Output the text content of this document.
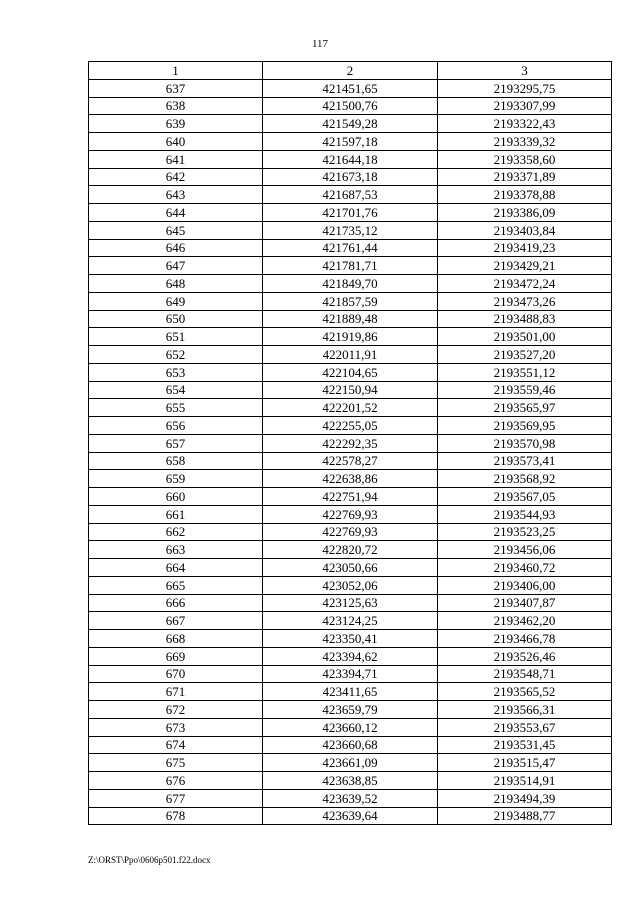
117
1	2	3
637	421451,65	2193295,75
638	421500,76	2193307,99
639	421549,28	2193322,43
640	421597,18	2193339,32
641	421644,18	2193358,60
642	421673,18	2193371,89
643	421687,53	2193378,88
644	421701,76	2193386,09
645	421735,12	2193403,84
646	421761,44	2193419,23
647	421781,71	2193429,21
648	421849,70	2193472,24
649	421857,59	2193473,26
650	421889,48	2193488,83
651	421919,86	2193501,00
652	422011,91	2193527,20
653	422104,65	2193551,12
654	422150,94	2193559,46
655	422201,52	2193565,97
656	422255,05	2193569,95
657	422292,35	2193570,98
658	422578,27	2193573,41
659	422638,86	2193568,92
660	422751,94	2193567,05
661	422769,93	2193544,93
662	422769,93	2193523,25
663	422820,72	2193456,06
664	423050,66	2193460,72
665	423052,06	2193406,00
666	423125,63	2193407,87
667	423124,25	2193462,20
668	423350,41	2193466,78
669	423394,62	2193526,46
670	423394,71	2193548,71
671	423411,65	2193565,52
672	423659,79	2193566,31
673	423660,12	2193553,67
674	423660,68	2193531,45
675	423661,09	2193515,47
676	423638,85	2193514,91
677	423639,52	2193494,39
678	423639,64	2193488,77
Z:\ORST\Ppo\0606p501.f22.docx
